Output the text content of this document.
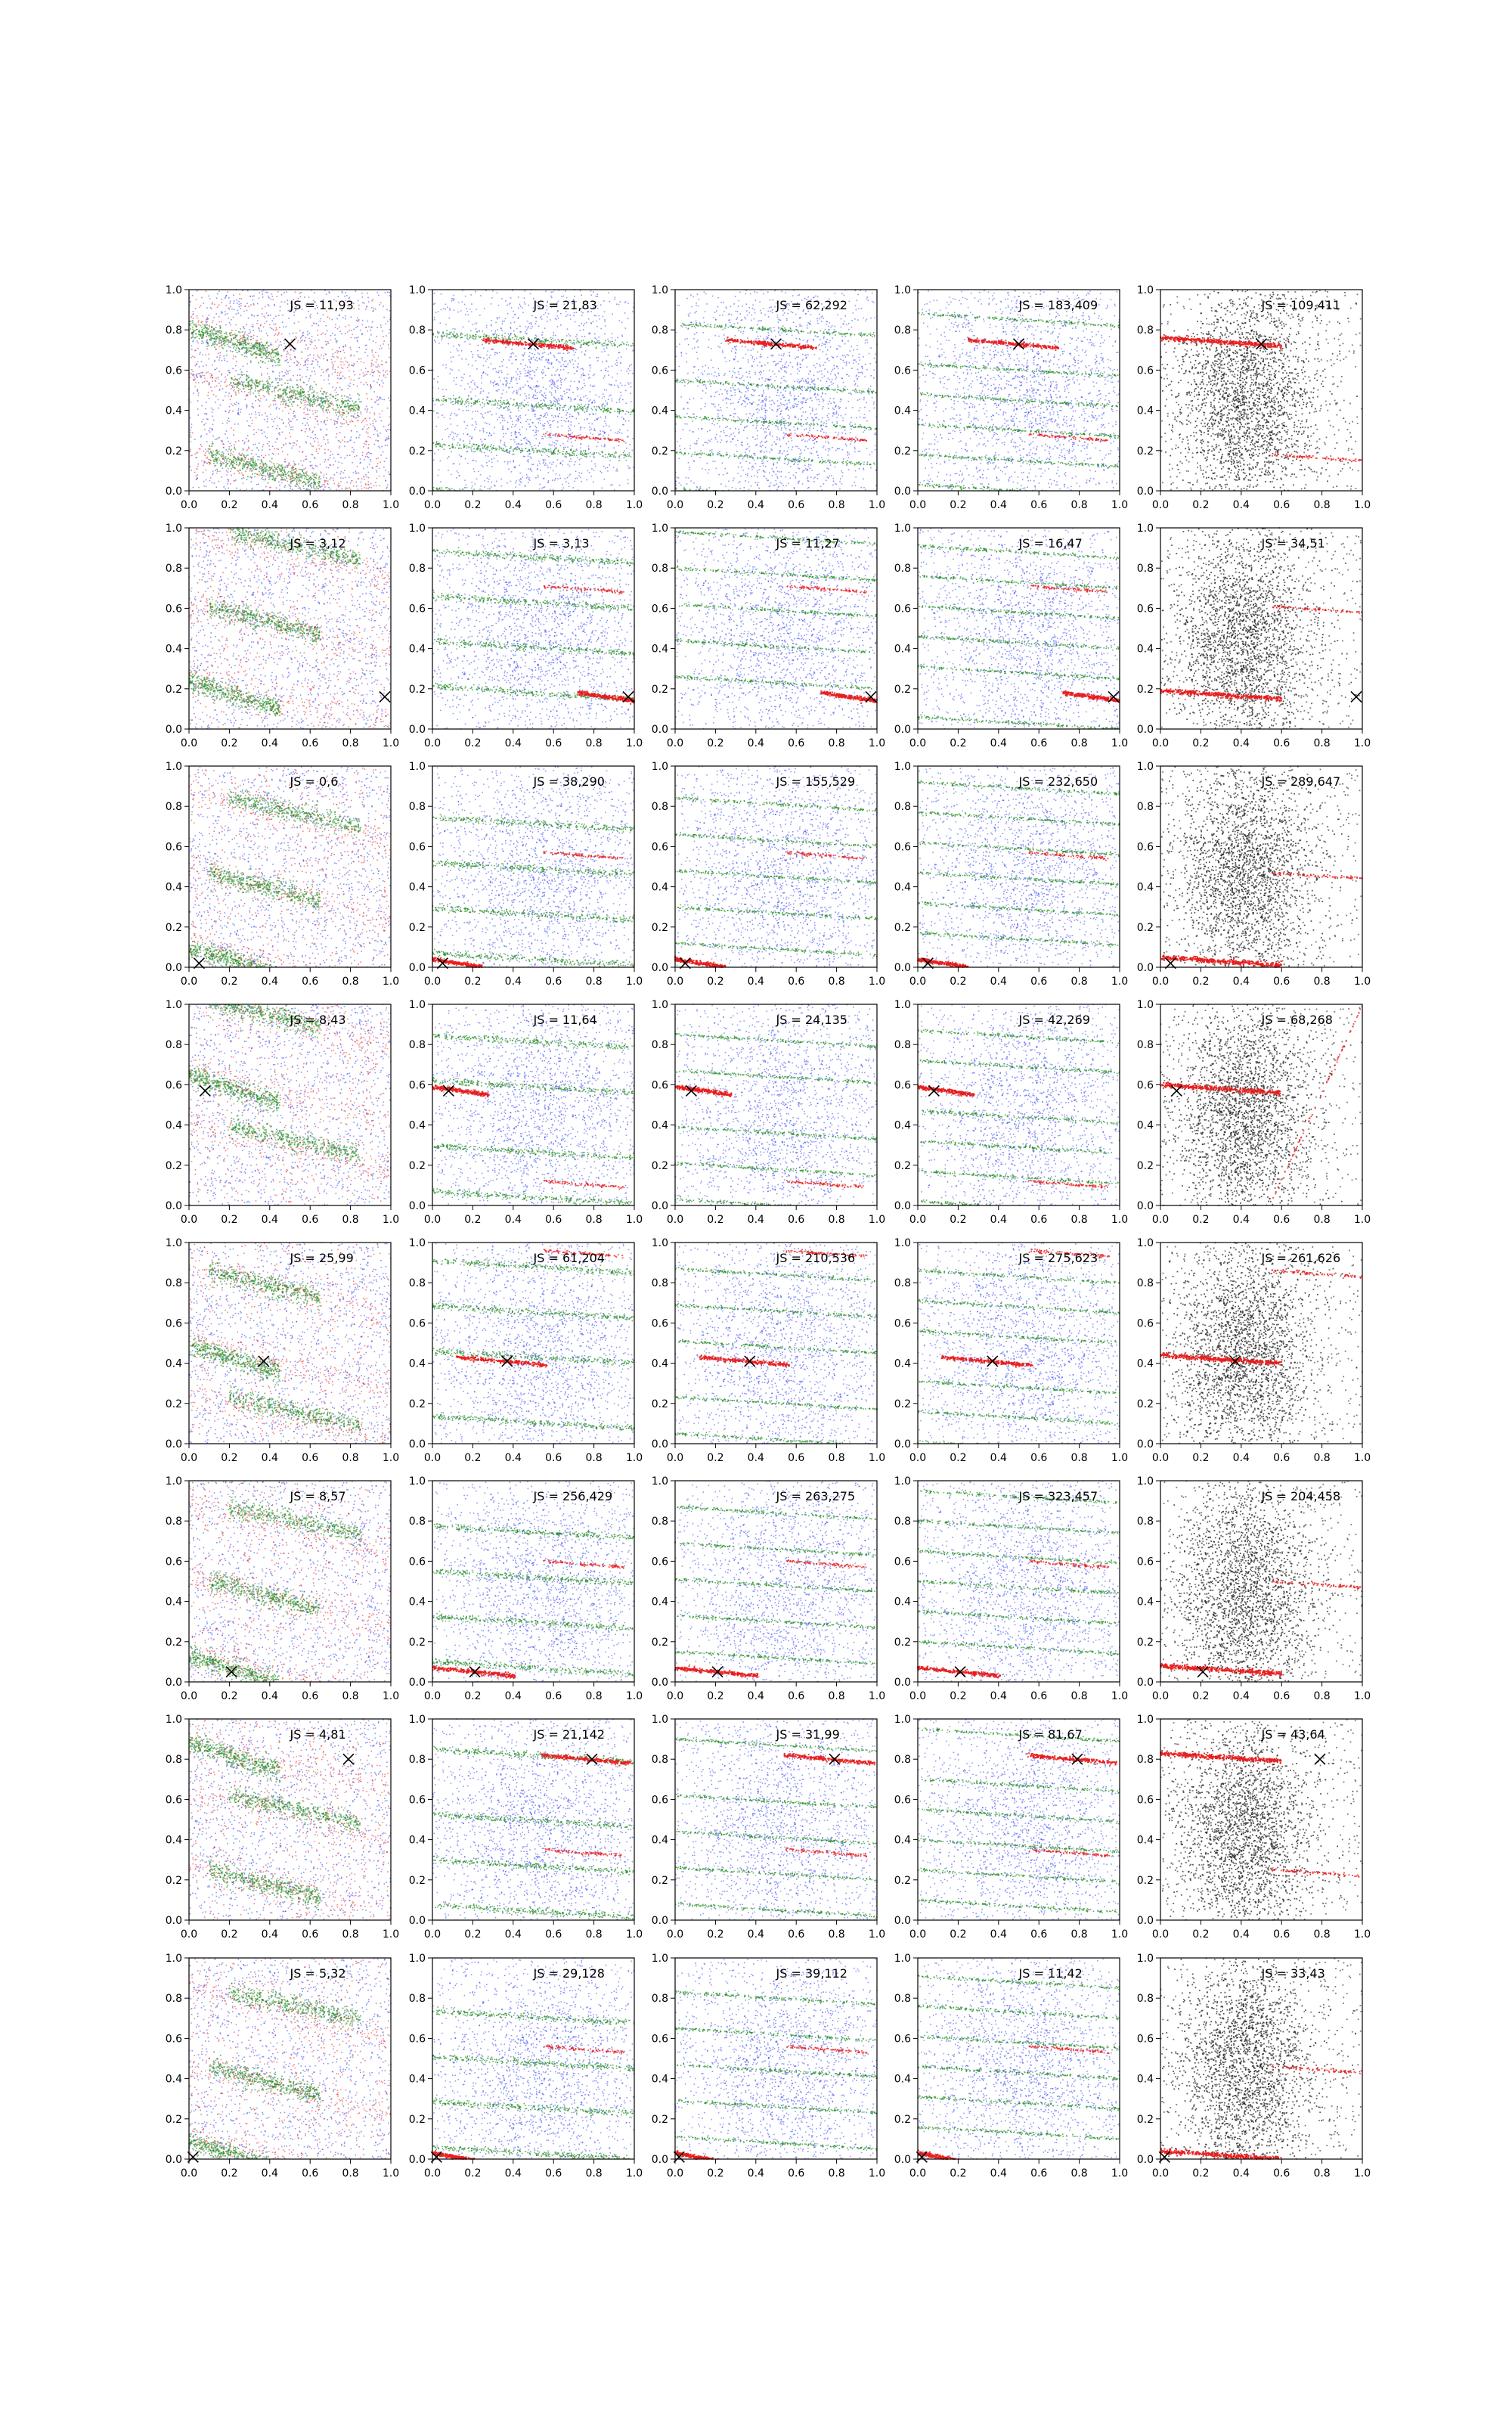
0.0 0.2 0.4 0.6 0.8 1.0
0.0
0.2
0.4
0.6
0.8
1.0
JS = 11,93
0.0 0.2 0.4 0.6 0.8 1.0
0.0
0.2
0.4
0.6
0.8
1.0
JS = 21,83
0.0 0.2 0.4 0.6 0.8 1.0
0.0
0.2
0.4
0.6
0.8
1.0
JS = 62,292
0.0 0.2 0.4 0.6 0.8 1.0
0.0
0.2
0.4
0.6
0.8
1.0
JS = 183,409
0.0 0.2 0.4 0.6 0.8 1.0
0.0
0.2
0.4
0.6
0.8
1.0
JS = 109,411
0.0 0.2 0.4 0.6 0.8 1.0
0.0
0.2
0.4
0.6
0.8
1.0
JS = 3,12
0.0 0.2 0.4 0.6 0.8 1.0
0.0
0.2
0.4
0.6
0.8
1.0
JS = 3,13
0.0 0.2 0.4 0.6 0.8 1.0
0.0
0.2
0.4
0.6
0.8
1.0
JS = 11,27
0.0 0.2 0.4 0.6 0.8 1.0
0.0
0.2
0.4
0.6
0.8
1.0
JS = 16,47
0.0 0.2 0.4 0.6 0.8 1.0
0.0
0.2
0.4
0.6
0.8
1.0
JS = 34,51
0.0 0.2 0.4 0.6 0.8 1.0
0.0
0.2
0.4
0.6
0.8
1.0
JS = 0,6
0.0 0.2 0.4 0.6 0.8 1.0
0.0
0.2
0.4
0.6
0.8
1.0
JS = 38,290
0.0 0.2 0.4 0.6 0.8 1.0
0.0
0.2
0.4
0.6
0.8
1.0
JS = 155,529
0.0 0.2 0.4 0.6 0.8 1.0
0.0
0.2
0.4
0.6
0.8
1.0
JS = 232,650
0.0 0.2 0.4 0.6 0.8 1.0
0.0
0.2
0.4
0.6
0.8
1.0
JS = 289,647
0.0 0.2 0.4 0.6 0.8 1.0
0.0
0.2
0.4
0.6
0.8
1.0
JS = 8,43
0.0 0.2 0.4 0.6 0.8 1.0
0.0
0.2
0.4
0.6
0.8
1.0
JS = 11,64
0.0 0.2 0.4 0.6 0.8 1.0
0.0
0.2
0.4
0.6
0.8
1.0
JS = 24,135
0.0 0.2 0.4 0.6 0.8 1.0
0.0
0.2
0.4
0.6
0.8
1.0
JS = 42,269
0.0 0.2 0.4 0.6 0.8 1.0
0.0
0.2
0.4
0.6
0.8
1.0
JS = 68,268
0.0 0.2 0.4 0.6 0.8 1.0
0.0
0.2
0.4
0.6
0.8
1.0
JS = 25,99
0.0 0.2 0.4 0.6 0.8 1.0
0.0
0.2
0.4
0.6
0.8
1.0
JS = 61,204
0.0 0.2 0.4 0.6 0.8 1.0
0.0
0.2
0.4
0.6
0.8
1.0
JS = 210,536
0.0 0.2 0.4 0.6 0.8 1.0
0.0
0.2
0.4
0.6
0.8
1.0
JS = 275,623
0.0 0.2 0.4 0.6 0.8 1.0
0.0
0.2
0.4
0.6
0.8
1.0
JS = 261,626
0.0 0.2 0.4 0.6 0.8 1.0
0.0
0.2
0.4
0.6
0.8
1.0
JS = 8,57
0.0 0.2 0.4 0.6 0.8 1.0
0.0
0.2
0.4
0.6
0.8
1.0
JS = 256,429
0.0 0.2 0.4 0.6 0.8 1.0
0.0
0.2
0.4
0.6
0.8
1.0
JS = 263,275
0.0 0.2 0.4 0.6 0.8 1.0
0.0
0.2
0.4
0.6
0.8
1.0
JS = 323,457
0.0 0.2 0.4 0.6 0.8 1.0
0.0
0.2
0.4
0.6
0.8
1.0
JS = 204,458
0.0 0.2 0.4 0.6 0.8 1.0
0.0
0.2
0.4
0.6
0.8
1.0
JS = 4,81
0.0 0.2 0.4 0.6 0.8 1.0
0.0
0.2
0.4
0.6
0.8
1.0
JS = 21,142
0.0 0.2 0.4 0.6 0.8 1.0
0.0
0.2
0.4
0.6
0.8
1.0
JS = 31,99
0.0 0.2 0.4 0.6 0.8 1.0
0.0
0.2
0.4
0.6
0.8
1.0
JS = 81,67
0.0 0.2 0.4 0.6 0.8 1.0
0.0
0.2
0.4
0.6
0.8
1.0
JS = 43,64
0.0 0.2 0.4 0.6 0.8 1.0
0.0
0.2
0.4
0.6
0.8
1.0
JS = 5,32
0.0 0.2 0.4 0.6 0.8 1.0
0.0
0.2
0.4
0.6
0.8
1.0
JS = 29,128
0.0 0.2 0.4 0.6 0.8 1.0
0.0
0.2
0.4
0.6
0.8
1.0
JS = 39,112
0.0 0.2 0.4 0.6 0.8 1.0
0.0
0.2
0.4
0.6
0.8
1.0
JS = 11,42
0.0 0.2 0.4 0.6 0.8 1.0
0.0
0.2
0.4
0.6
0.8
1.0
JS = 33,43
